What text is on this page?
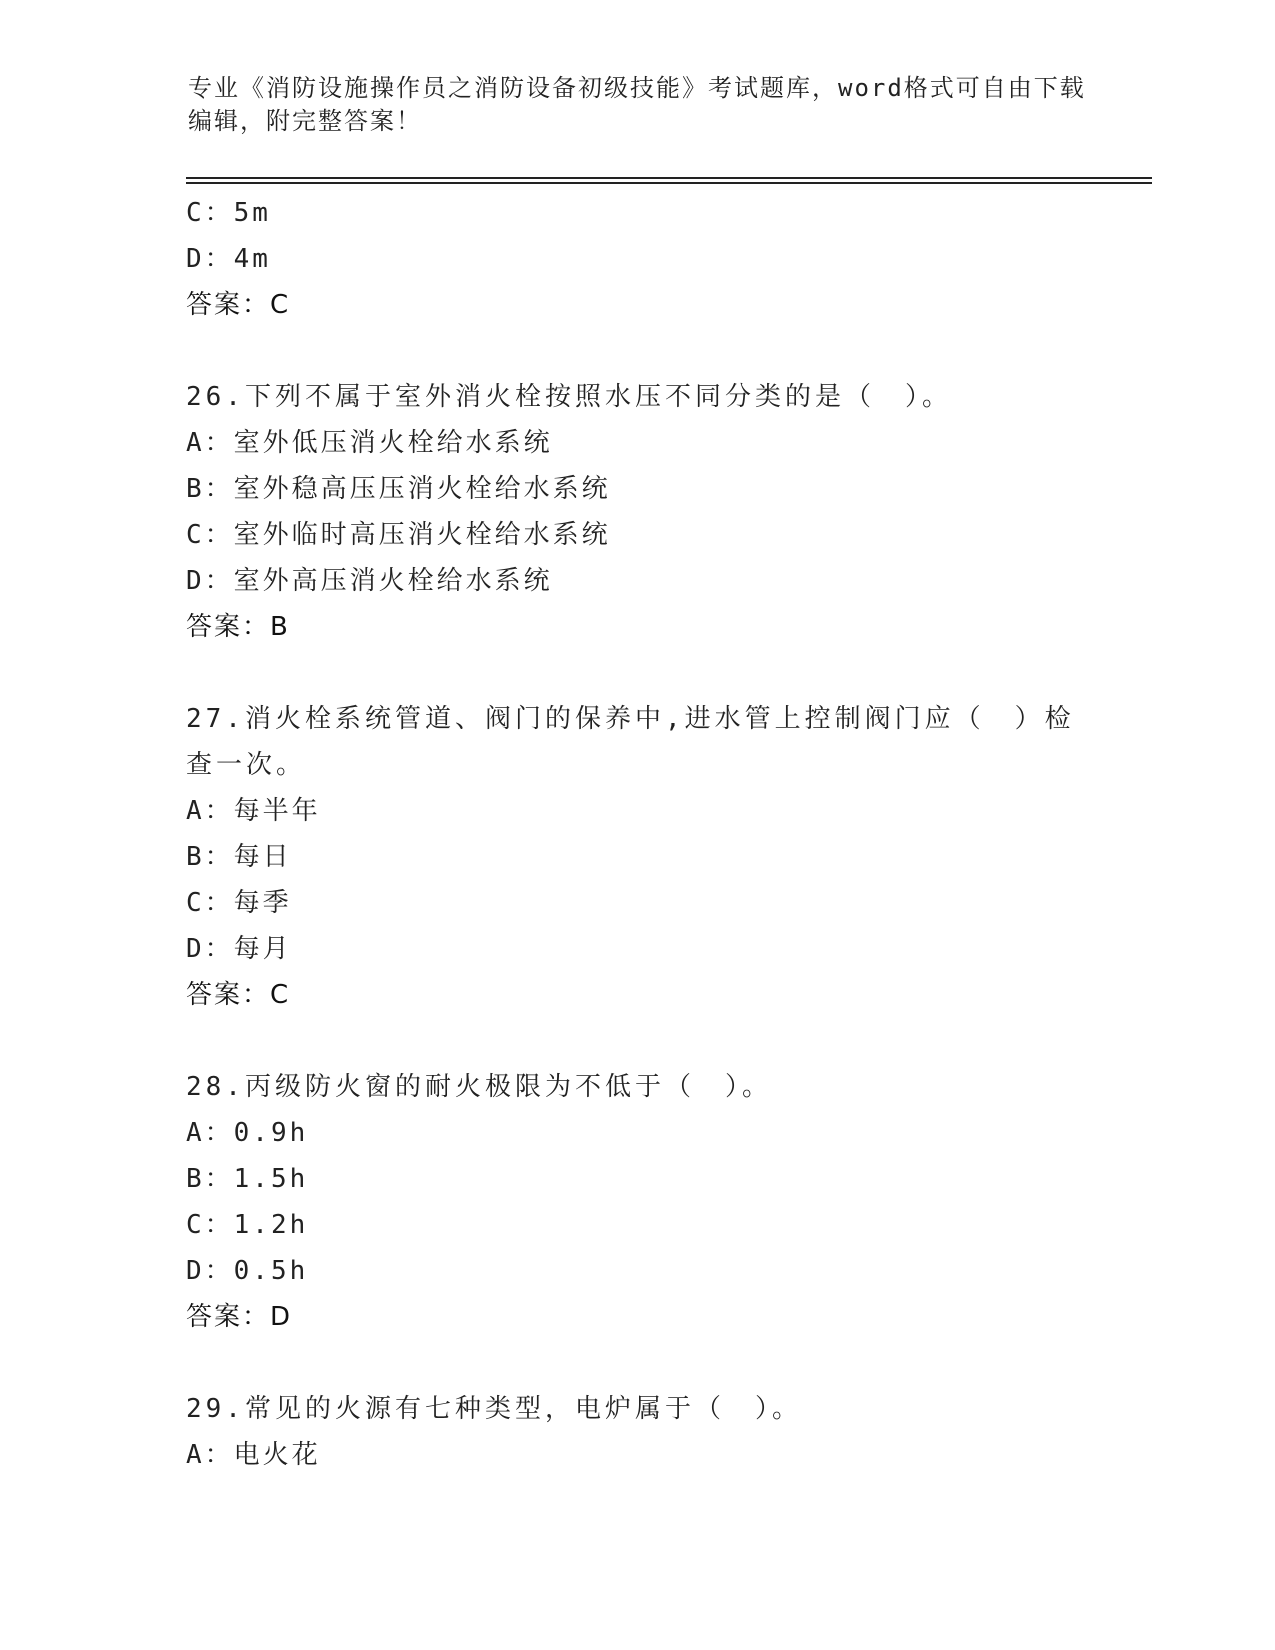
专业《消防设施操作员之消防设备初级技能》考试题库，word格式可自由下载编辑，附完整答案！
C：5m
D：4m
答案：C
26.下列不属于室外消火栓按照水压不同分类的是（　）。
A：室外低压消火栓给水系统
B：室外稳高压压消火栓给水系统
C：室外临时高压消火栓给水系统
D：室外高压消火栓给水系统
答案：B
27.消火栓系统管道、阀门的保养中,进水管上控制阀门应（　）检查一次。
A：每半年
B：每日
C：每季
D：每月
答案：C
28.丙级防火窗的耐火极限为不低于（　）。
A：0.9h
B：1.5h
C：1.2h
D：0.5h
答案：D
29.常见的火源有七种类型，电炉属于（　）。
A：电火花
